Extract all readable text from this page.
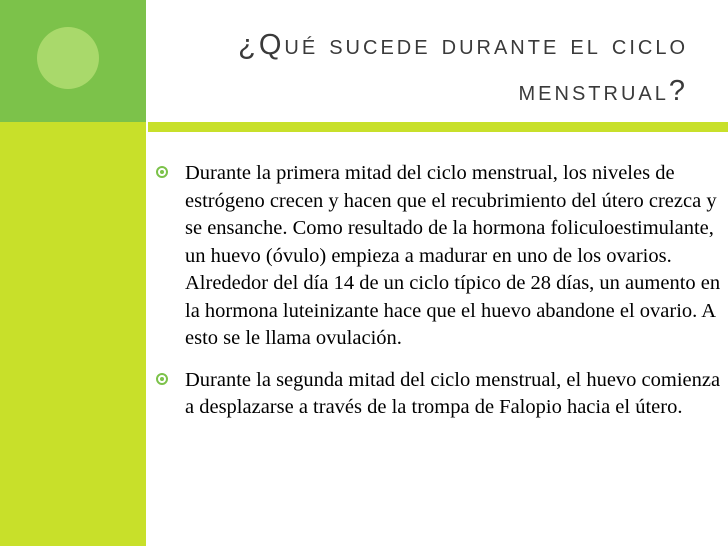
¿Qué sucede durante el ciclo menstrual?
Durante la primera mitad del ciclo menstrual, los niveles de estrógeno crecen y hacen que el recubrimiento del útero crezca y se ensanche. Como resultado de la hormona foliculoestimulante, un huevo (óvulo) empieza a madurar en uno de los ovarios. Alrededor del día 14 de un ciclo típico de 28 días, un aumento en la hormona luteinizante hace que el huevo abandone el ovario. A esto se le llama ovulación.
Durante la segunda mitad del ciclo menstrual, el huevo comienza a desplazarse a través de la trompa de Falopio hacia el útero.
